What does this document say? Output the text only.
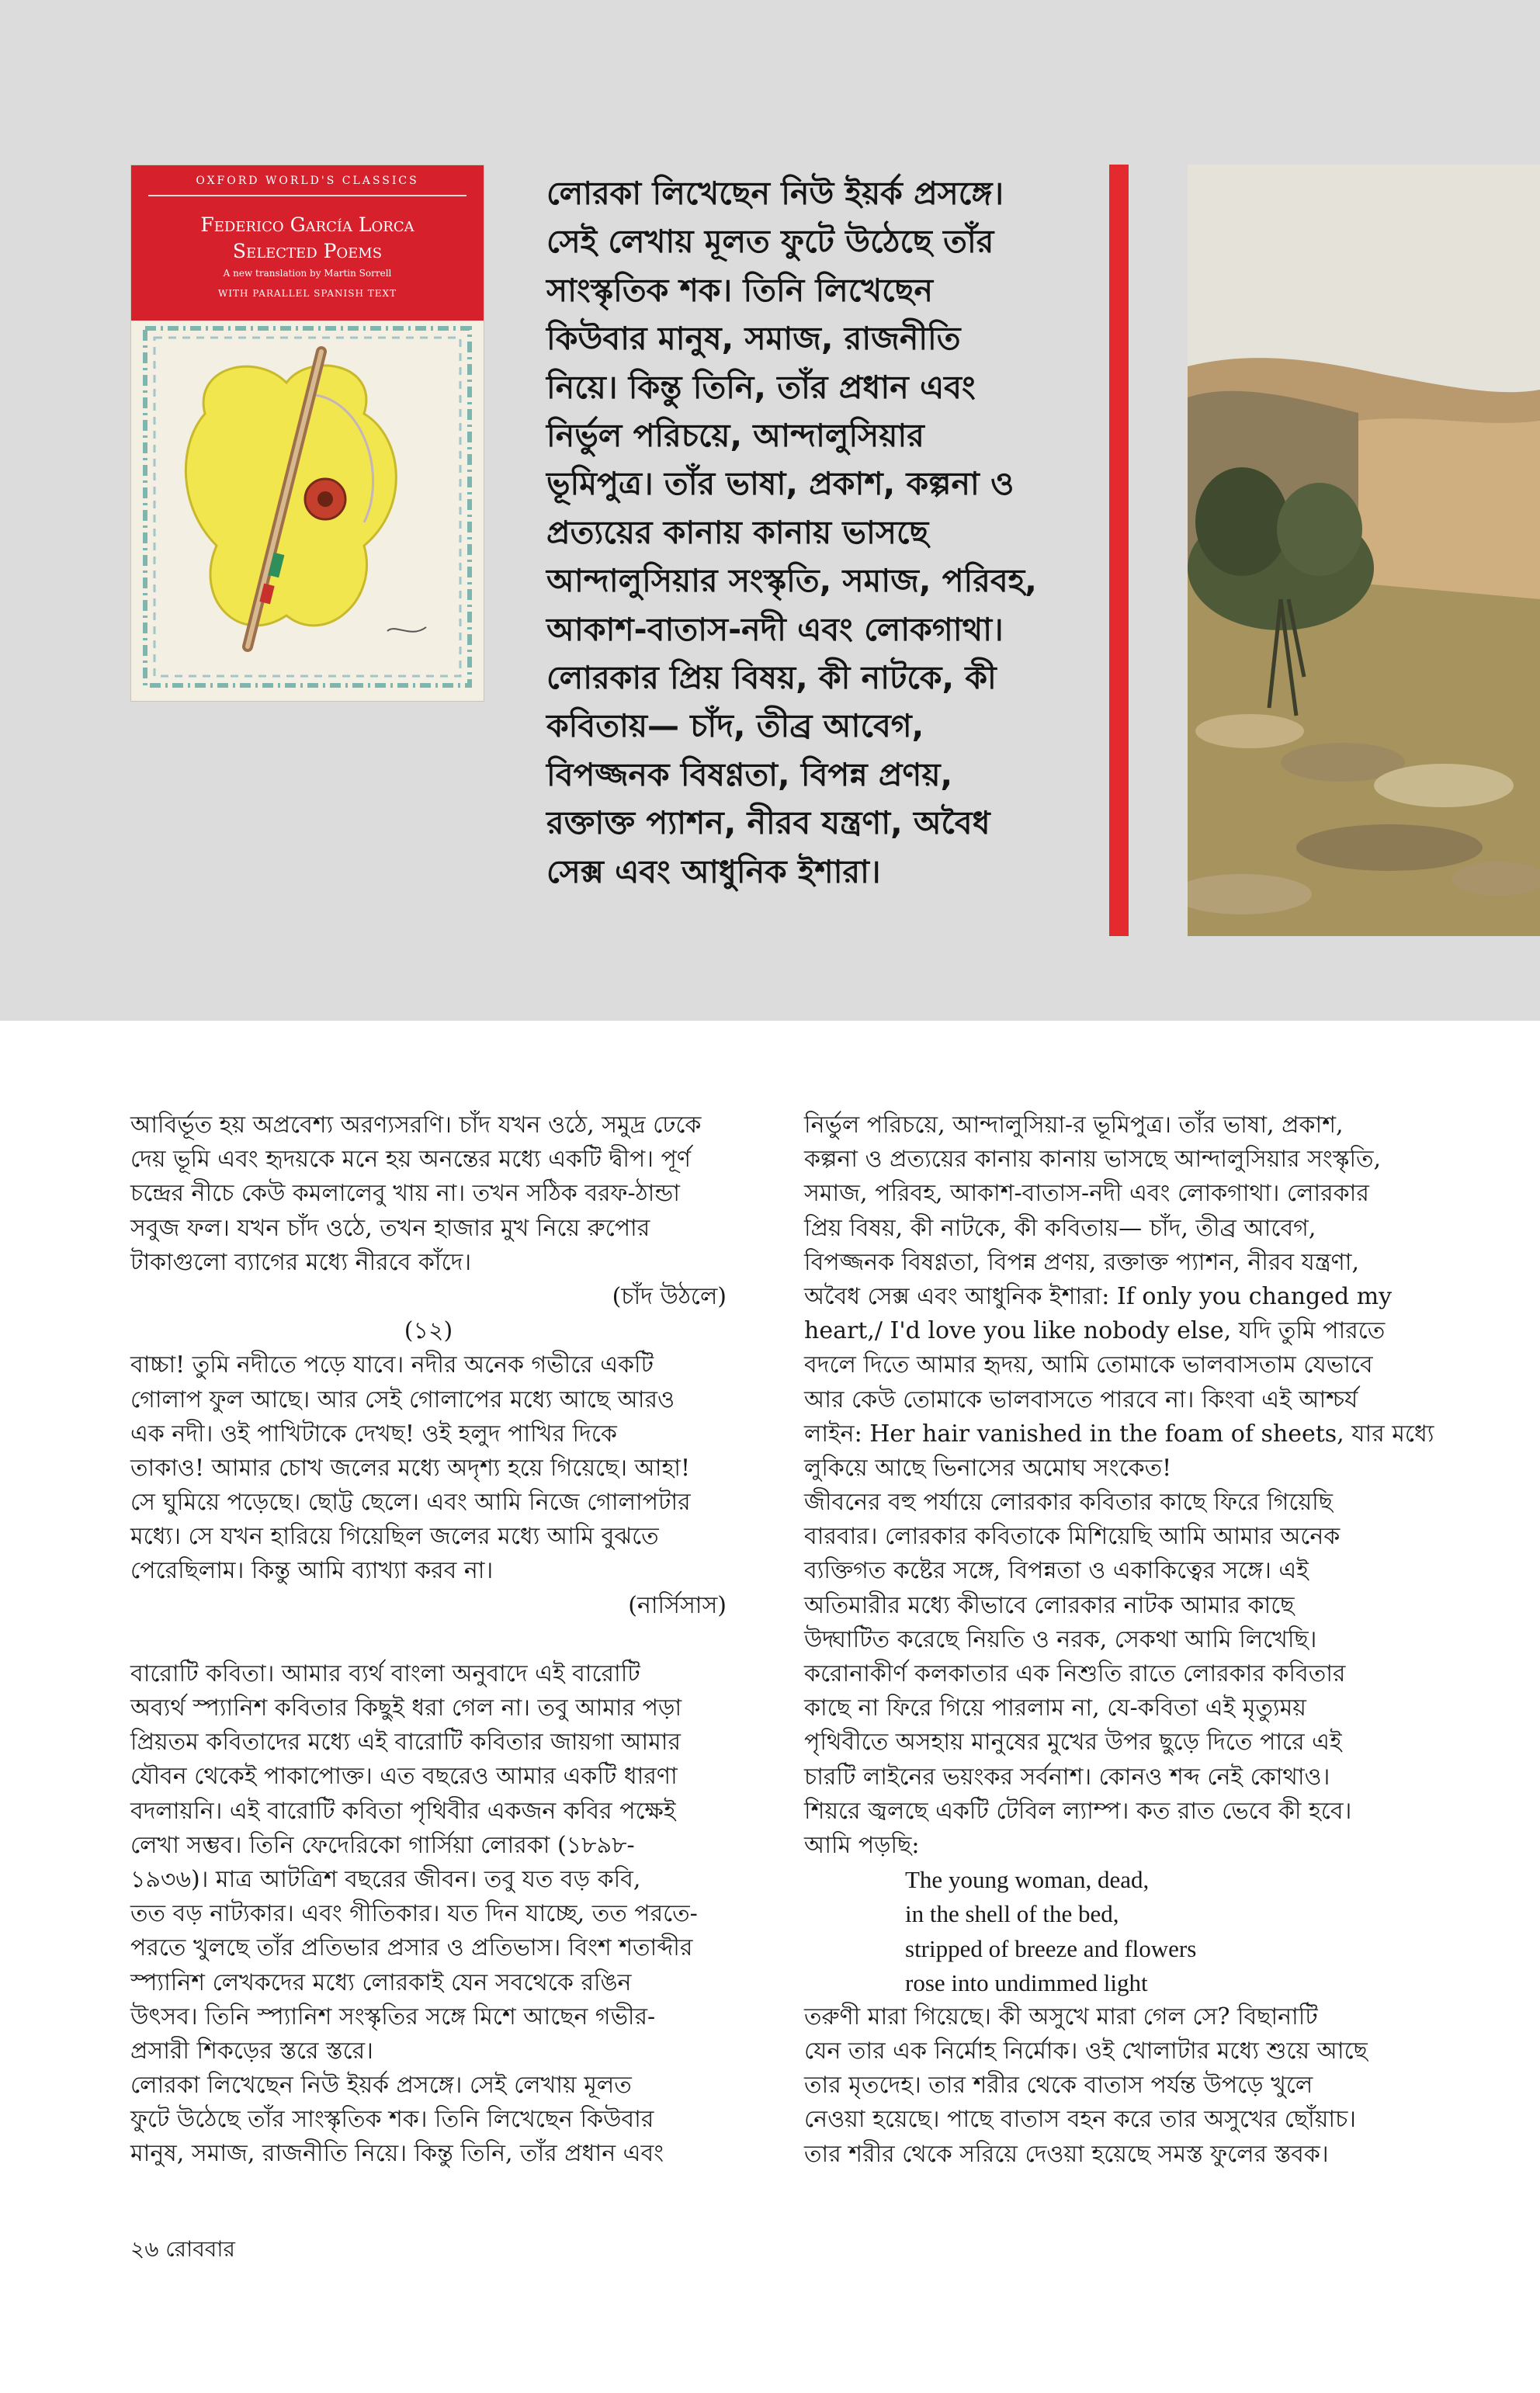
OXFORD WORLD'S CLASSICS
Federico García Lorca
Selected Poems
A new translation by Martin Sorrell
WITH PARALLEL SPANISH TEXT
লোরকা লিখেছেন নিউ ইয়র্ক প্রসঙ্গে।
সেই লেখায় মূলত ফুটে উঠেছে তাঁর
সাংস্কৃতিক শক। তিনি লিখেছেন
কিউবার মানুষ, সমাজ, রাজনীতি
নিয়ে। কিন্তু তিনি, তাঁর প্রধান এবং
নির্ভুল পরিচয়ে, আন্দালুসিয়ার
ভূমিপুত্র। তাঁর ভাষা, প্রকাশ, কল্পনা ও
প্রত্যয়ের কানায় কানায় ভাসছে
আন্দালুসিয়ার সংস্কৃতি, সমাজ, পরিবহ,
আকাশ-বাতাস-নদী এবং লোকগাথা।
লোরকার প্রিয় বিষয়, কী নাটকে, কী
কবিতায়— চাঁদ, তীব্র আবেগ,
বিপজ্জনক বিষণ্ণতা, বিপন্ন প্রণয়,
রক্তাক্ত প্যাশন, নীরব যন্ত্রণা, অবৈধ
সেক্স এবং আধুনিক ইশারা।
আবির্ভূত হয় অপ্রবেশ্য অরণ্যসরণি। চাঁদ যখন ওঠে, সমুদ্র ঢেকে
দেয় ভূমি এবং হৃদয়কে মনে হয় অনন্তের মধ্যে একটি দ্বীপ। পূর্ণ
চন্দ্রের নীচে কেউ কমলালেবু খায় না। তখন সঠিক বরফ-ঠান্ডা
সবুজ ফল। যখন চাঁদ ওঠে, তখন হাজার মুখ নিয়ে রুপোর
টাকাগুলো ব্যাগের মধ্যে নীরবে কাঁদে।
(চাঁদ উঠলে)
(১২)
বাচ্চা! তুমি নদীতে পড়ে যাবে। নদীর অনেক গভীরে একটি
গোলাপ ফুল আছে। আর সেই গোলাপের মধ্যে আছে আরও
এক নদী। ওই পাখিটাকে দেখছ! ওই হলুদ পাখির দিকে
তাকাও! আমার চোখ জলের মধ্যে অদৃশ্য হয়ে গিয়েছে। আহা!
সে ঘুমিয়ে পড়েছে। ছোট্ট ছেলে। এবং আমি নিজে গোলাপটার
মধ্যে। সে যখন হারিয়ে গিয়েছিল জলের মধ্যে আমি বুঝতে
পেরেছিলাম। কিন্তু আমি ব্যাখ্যা করব না।
(নার্সিসাস)
বারোটি কবিতা। আমার ব্যর্থ বাংলা অনুবাদে এই বারোটি
অব্যর্থ স্প্যানিশ কবিতার কিছুই ধরা গেল না। তবু আমার পড়া
প্রিয়তম কবিতাদের মধ্যে এই বারোটি কবিতার জায়গা আমার
যৌবন থেকেই পাকাপোক্ত। এত বছরেও আমার একটি ধারণা
বদলায়নি। এই বারোটি কবিতা পৃথিবীর একজন কবির পক্ষেই
লেখা সম্ভব। তিনি ফেদেরিকো গার্সিয়া লোরকা (১৮৯৮-
১৯৩৬)। মাত্র আটত্রিশ বছরের জীবন। তবু যত বড় কবি,
তত বড় নাট্যকার। এবং গীতিকার। যত দিন যাচ্ছে, তত পরতে-
পরতে খুলছে তাঁর প্রতিভার প্রসার ও প্রতিভাস। বিংশ শতাব্দীর
স্প্যানিশ লেখকদের মধ্যে লোরকাই যেন সবথেকে রঙিন
উৎসব। তিনি স্প্যানিশ সংস্কৃতির সঙ্গে মিশে আছেন গভীর-
প্রসারী শিকড়ের স্তরে স্তরে।
লোরকা লিখেছেন নিউ ইয়র্ক প্রসঙ্গে। সেই লেখায় মূলত
ফুটে উঠেছে তাঁর সাংস্কৃতিক শক। তিনি লিখেছেন কিউবার
মানুষ, সমাজ, রাজনীতি নিয়ে। কিন্তু তিনি, তাঁর প্রধান এবং
নির্ভুল পরিচয়ে, আন্দালুসিয়া-র ভূমিপুত্র। তাঁর ভাষা, প্রকাশ,
কল্পনা ও প্রত্যয়ের কানায় কানায় ভাসছে আন্দালুসিয়ার সংস্কৃতি,
সমাজ, পরিবহ, আকাশ-বাতাস-নদী এবং লোকগাথা। লোরকার
প্রিয় বিষয়, কী নাটকে, কী কবিতায়— চাঁদ, তীব্র আবেগ,
বিপজ্জনক বিষণ্ণতা, বিপন্ন প্রণয়, রক্তাক্ত প্যাশন, নীরব যন্ত্রণা,
অবৈধ সেক্স এবং আধুনিক ইশারা: If only you changed my
heart,/ I'd love you like nobody else, যদি তুমি পারতে
বদলে দিতে আমার হৃদয়, আমি তোমাকে ভালবাসতাম যেভাবে
আর কেউ তোমাকে ভালবাসতে পারবে না। কিংবা এই আশ্চর্য
লাইন: Her hair vanished in the foam of sheets, যার মধ্যে
লুকিয়ে আছে ভিনাসের অমোঘ সংকেত!
জীবনের বহু পর্যায়ে লোরকার কবিতার কাছে ফিরে গিয়েছি
বারবার। লোরকার কবিতাকে মিশিয়েছি আমি আমার অনেক
ব্যক্তিগত কষ্টের সঙ্গে, বিপন্নতা ও একাকিত্বের সঙ্গে। এই
অতিমারীর মধ্যে কীভাবে লোরকার নাটক আমার কাছে
উদ্ঘাটিত করেছে নিয়তি ও নরক, সেকথা আমি লিখেছি।
করোনাকীর্ণ কলকাতার এক নিশুতি রাতে লোরকার কবিতার
কাছে না ফিরে গিয়ে পারলাম না, যে-কবিতা এই মৃত্যুময়
পৃথিবীতে অসহায় মানুষের মুখের উপর ছুড়ে দিতে পারে এই
চারটি লাইনের ভয়ংকর সর্বনাশ। কোনও শব্দ নেই কোথাও।
শিয়রে জ্বলছে একটি টেবিল ল্যাম্প। কত রাত ভেবে কী হবে।
আমি পড়ছি:
The young woman, dead,
in the shell of the bed,
stripped of breeze and flowers
rose into undimmed light
তরুণী মারা গিয়েছে। কী অসুখে মারা গেল সে? বিছানাটি
যেন তার এক নির্মোহ নির্মোক। ওই খোলাটার মধ্যে শুয়ে আছে
তার মৃতদেহ। তার শরীর থেকে বাতাস পর্যন্ত উপড়ে খুলে
নেওয়া হয়েছে। পাছে বাতাস বহন করে তার অসুখের ছোঁয়াচ।
তার শরীর থেকে সরিয়ে দেওয়া হয়েছে সমস্ত ফুলের স্তবক।
২৬ রোববার
